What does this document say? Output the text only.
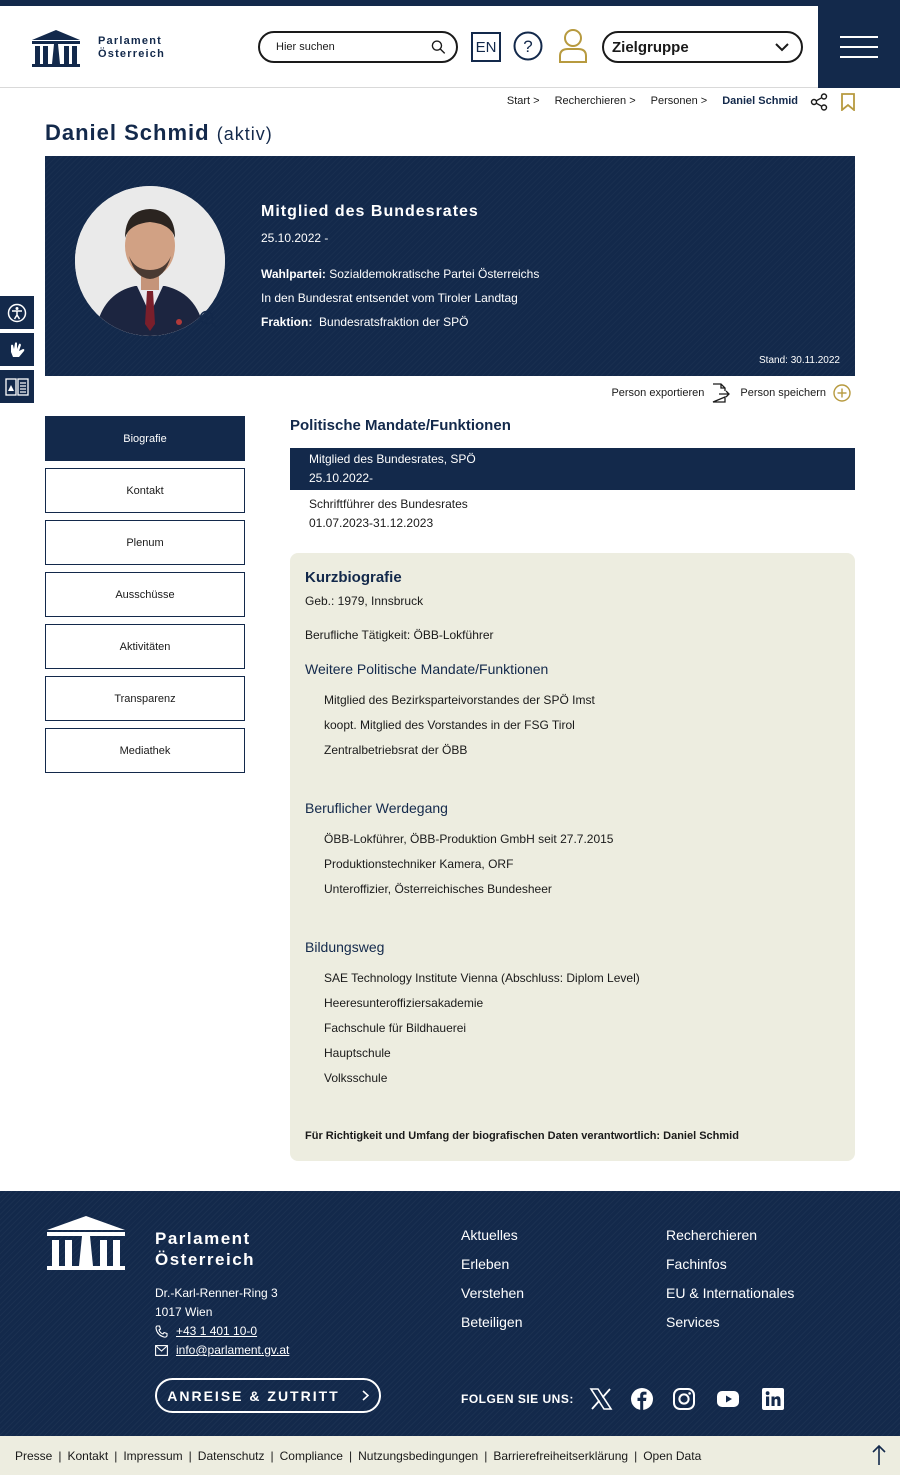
Parlament
Österreich
Hier suchen	EN ?	Zielgruppe
Start > Recherchieren > Personen > Daniel Schmid
Daniel Schmid (aktiv)
Mitglied des Bundesrates
25.10.2022 -
Wahlpartei: Sozialdemokratische Partei Österreichs
In den Bundesrat entsendet vom Tiroler Landtag
Fraktion: Bundesratsfraktion der SPÖ
Stand: 30.11.2022
Person exportieren	Person speichern
Biografie
Kontakt
Plenum
Ausschüsse
Aktivitäten
Transparenz
Mediathek
Politische Mandate/Funktionen
Mitglied des Bundesrates, SPÖ
25.10.2022-
Schriftführer des Bundesrates
01.07.2023-31.12.2023
Kurzbiografie
Geb.: 1979, Innsbruck
Berufliche Tätigkeit: ÖBB-Lokführer
Weitere Politische Mandate/Funktionen
Mitglied des Bezirksparteivorstandes der SPÖ Imst
koopt. Mitglied des Vorstandes in der FSG Tirol
Zentralbetriebsrat der ÖBB
Beruflicher Werdegang
ÖBB-Lokführer, ÖBB-Produktion GmbH seit 27.7.2015
Produktionstechniker Kamera, ORF
Unteroffizier, Österreichisches Bundesheer
Bildungsweg
SAE Technology Institute Vienna (Abschluss: Diplom Level)
Heeresunteroffiziersakademie
Fachschule für Bildhauerei
Hauptschule
Volksschule
Für Richtigkeit und Umfang der biografischen Daten verantwortlich: Daniel Schmid
Parlament
Österreich
Dr.-Karl-Renner-Ring 3
1017 Wien
+43 1 401 10-0
info@parlament.gv.at
ANREISE & ZUTRITT
Aktuelles
Erleben
Verstehen
Beteiligen
Recherchieren
Fachinfos
EU & Internationales
Services
FOLGEN SIE UNS:
Presse | Kontakt | Impressum | Datenschutz | Compliance | Nutzungsbedingungen | Barrierefreiheitserklärung | Open Data
